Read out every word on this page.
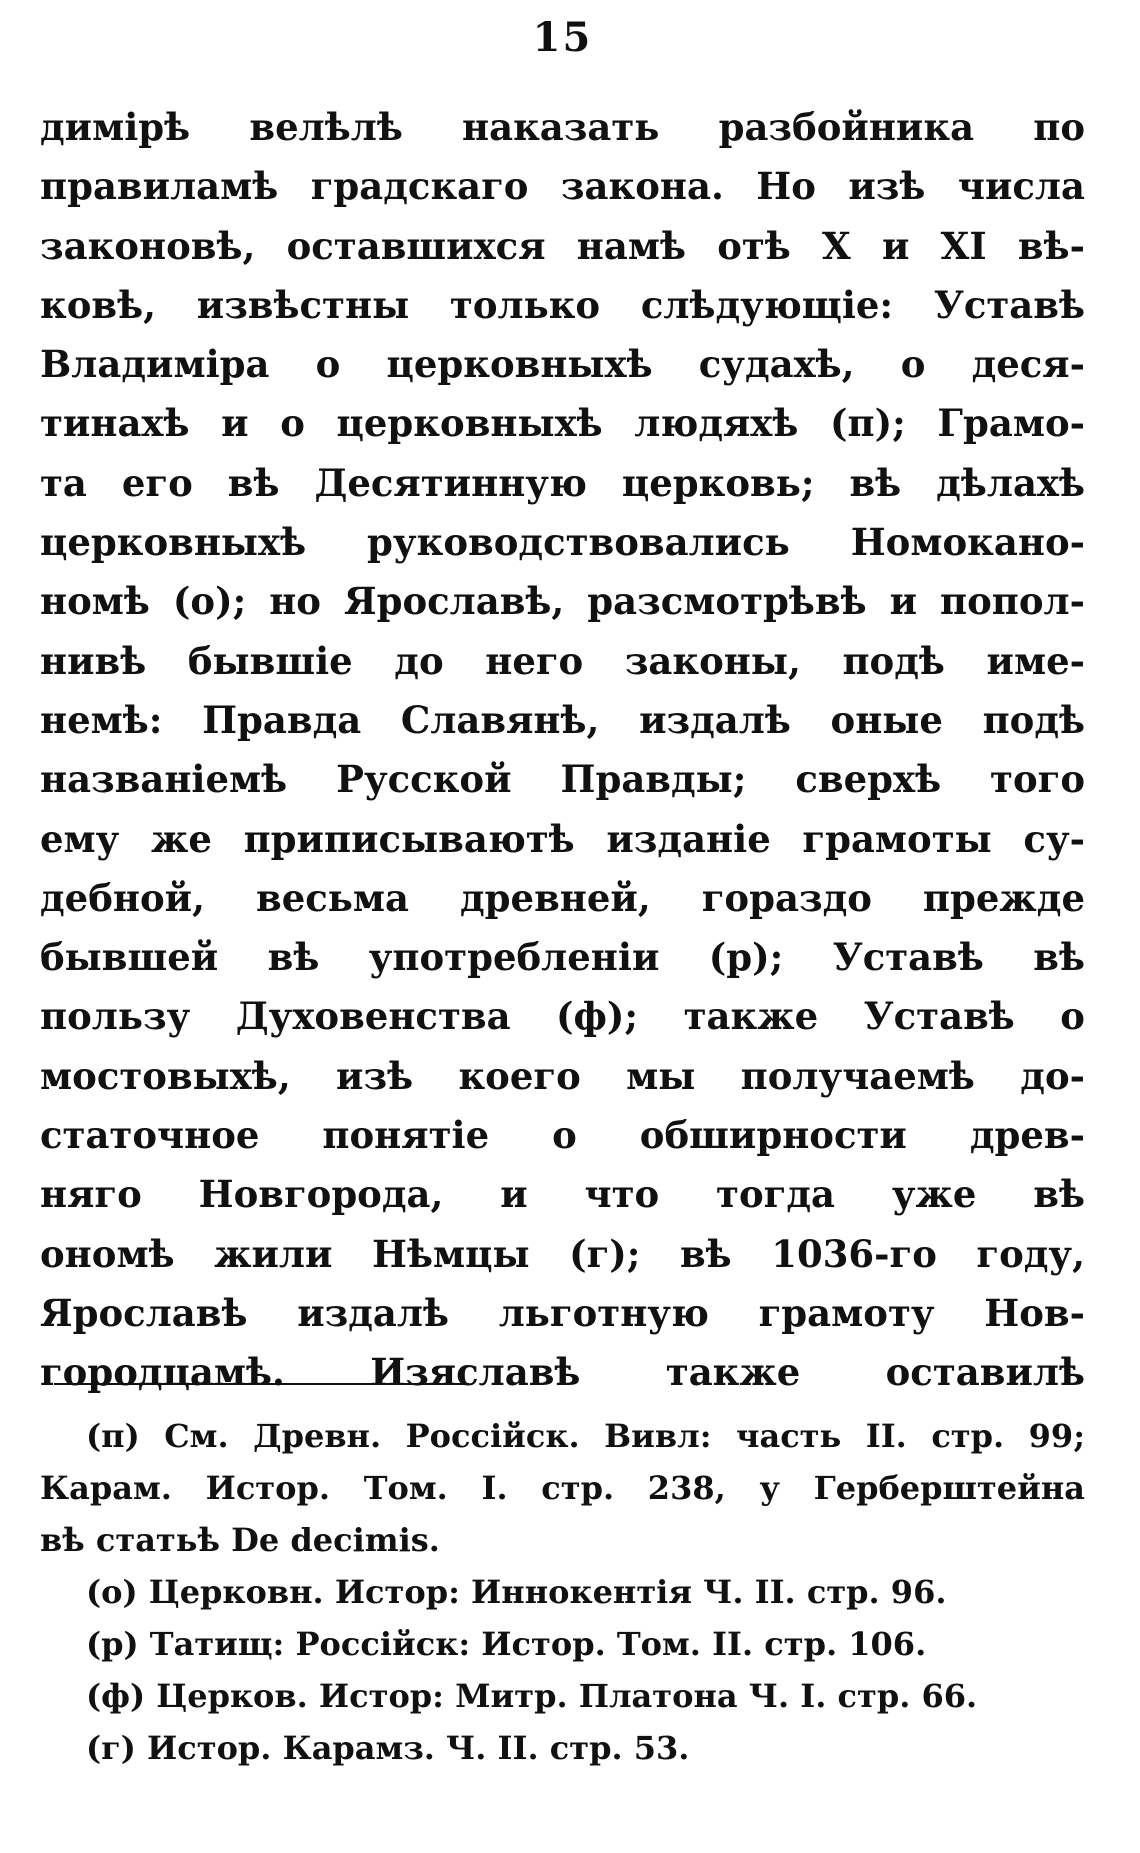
15
димірѣ велѣлѣ наказать разбойника по
правиламѣ градскаго закона. Но изѣ числа
законовѣ, оставшихся намѣ отѣ X и XI вѣ-
ковѣ, извѣстны только слѣдующіе: Уставѣ
Владиміра о церковныхѣ судахѣ, о деся-
тинахѣ и о церковныхѣ людяхѣ (п); Грамо-
та его вѣ Десятинную церковь; вѣ дѣлахѣ
церковныхѣ руководствовались Номокано-
номѣ (о); но Ярославѣ, разсмотрѣвѣ и попол-
нивѣ бывшіе до него законы, подѣ име-
немѣ: Правда Славянѣ, издалѣ оные подѣ
названіемѣ Русской Правды; сверхѣ того
ему же приписываютѣ изданіе грамоты су-
дебной, весьма древней, гораздо прежде
бывшей вѣ употребленіи (р); Уставѣ вѣ
пользу Духовенства (ф); также Уставѣ о
мостовыхѣ, изѣ коего мы получаемѣ до-
статочное понятіе о обширности древ-
няго Новгорода, и что тогда уже вѣ
ономѣ жили Нѣмцы (г); вѣ 1036-го году,
Ярославѣ издалѣ льготную грамоту Нов-
городцамѣ. Изяславѣ также оставилѣ
(п) См. Древн. Россійск. Вивл: часть II. стр. 99;
Карам. Истор. Том. I. стр. 238, у Герберштейна
вѣ статьѣ De decimis.
(о) Церковн. Истор: Иннокентія Ч. II. стр. 96.
(р) Татищ: Россійск: Истор. Том. II. стр. 106.
(ф) Церков. Истор: Митр. Платона Ч. I. стр. 66.
(г) Истор. Карамз. Ч. II. стр. 53.
